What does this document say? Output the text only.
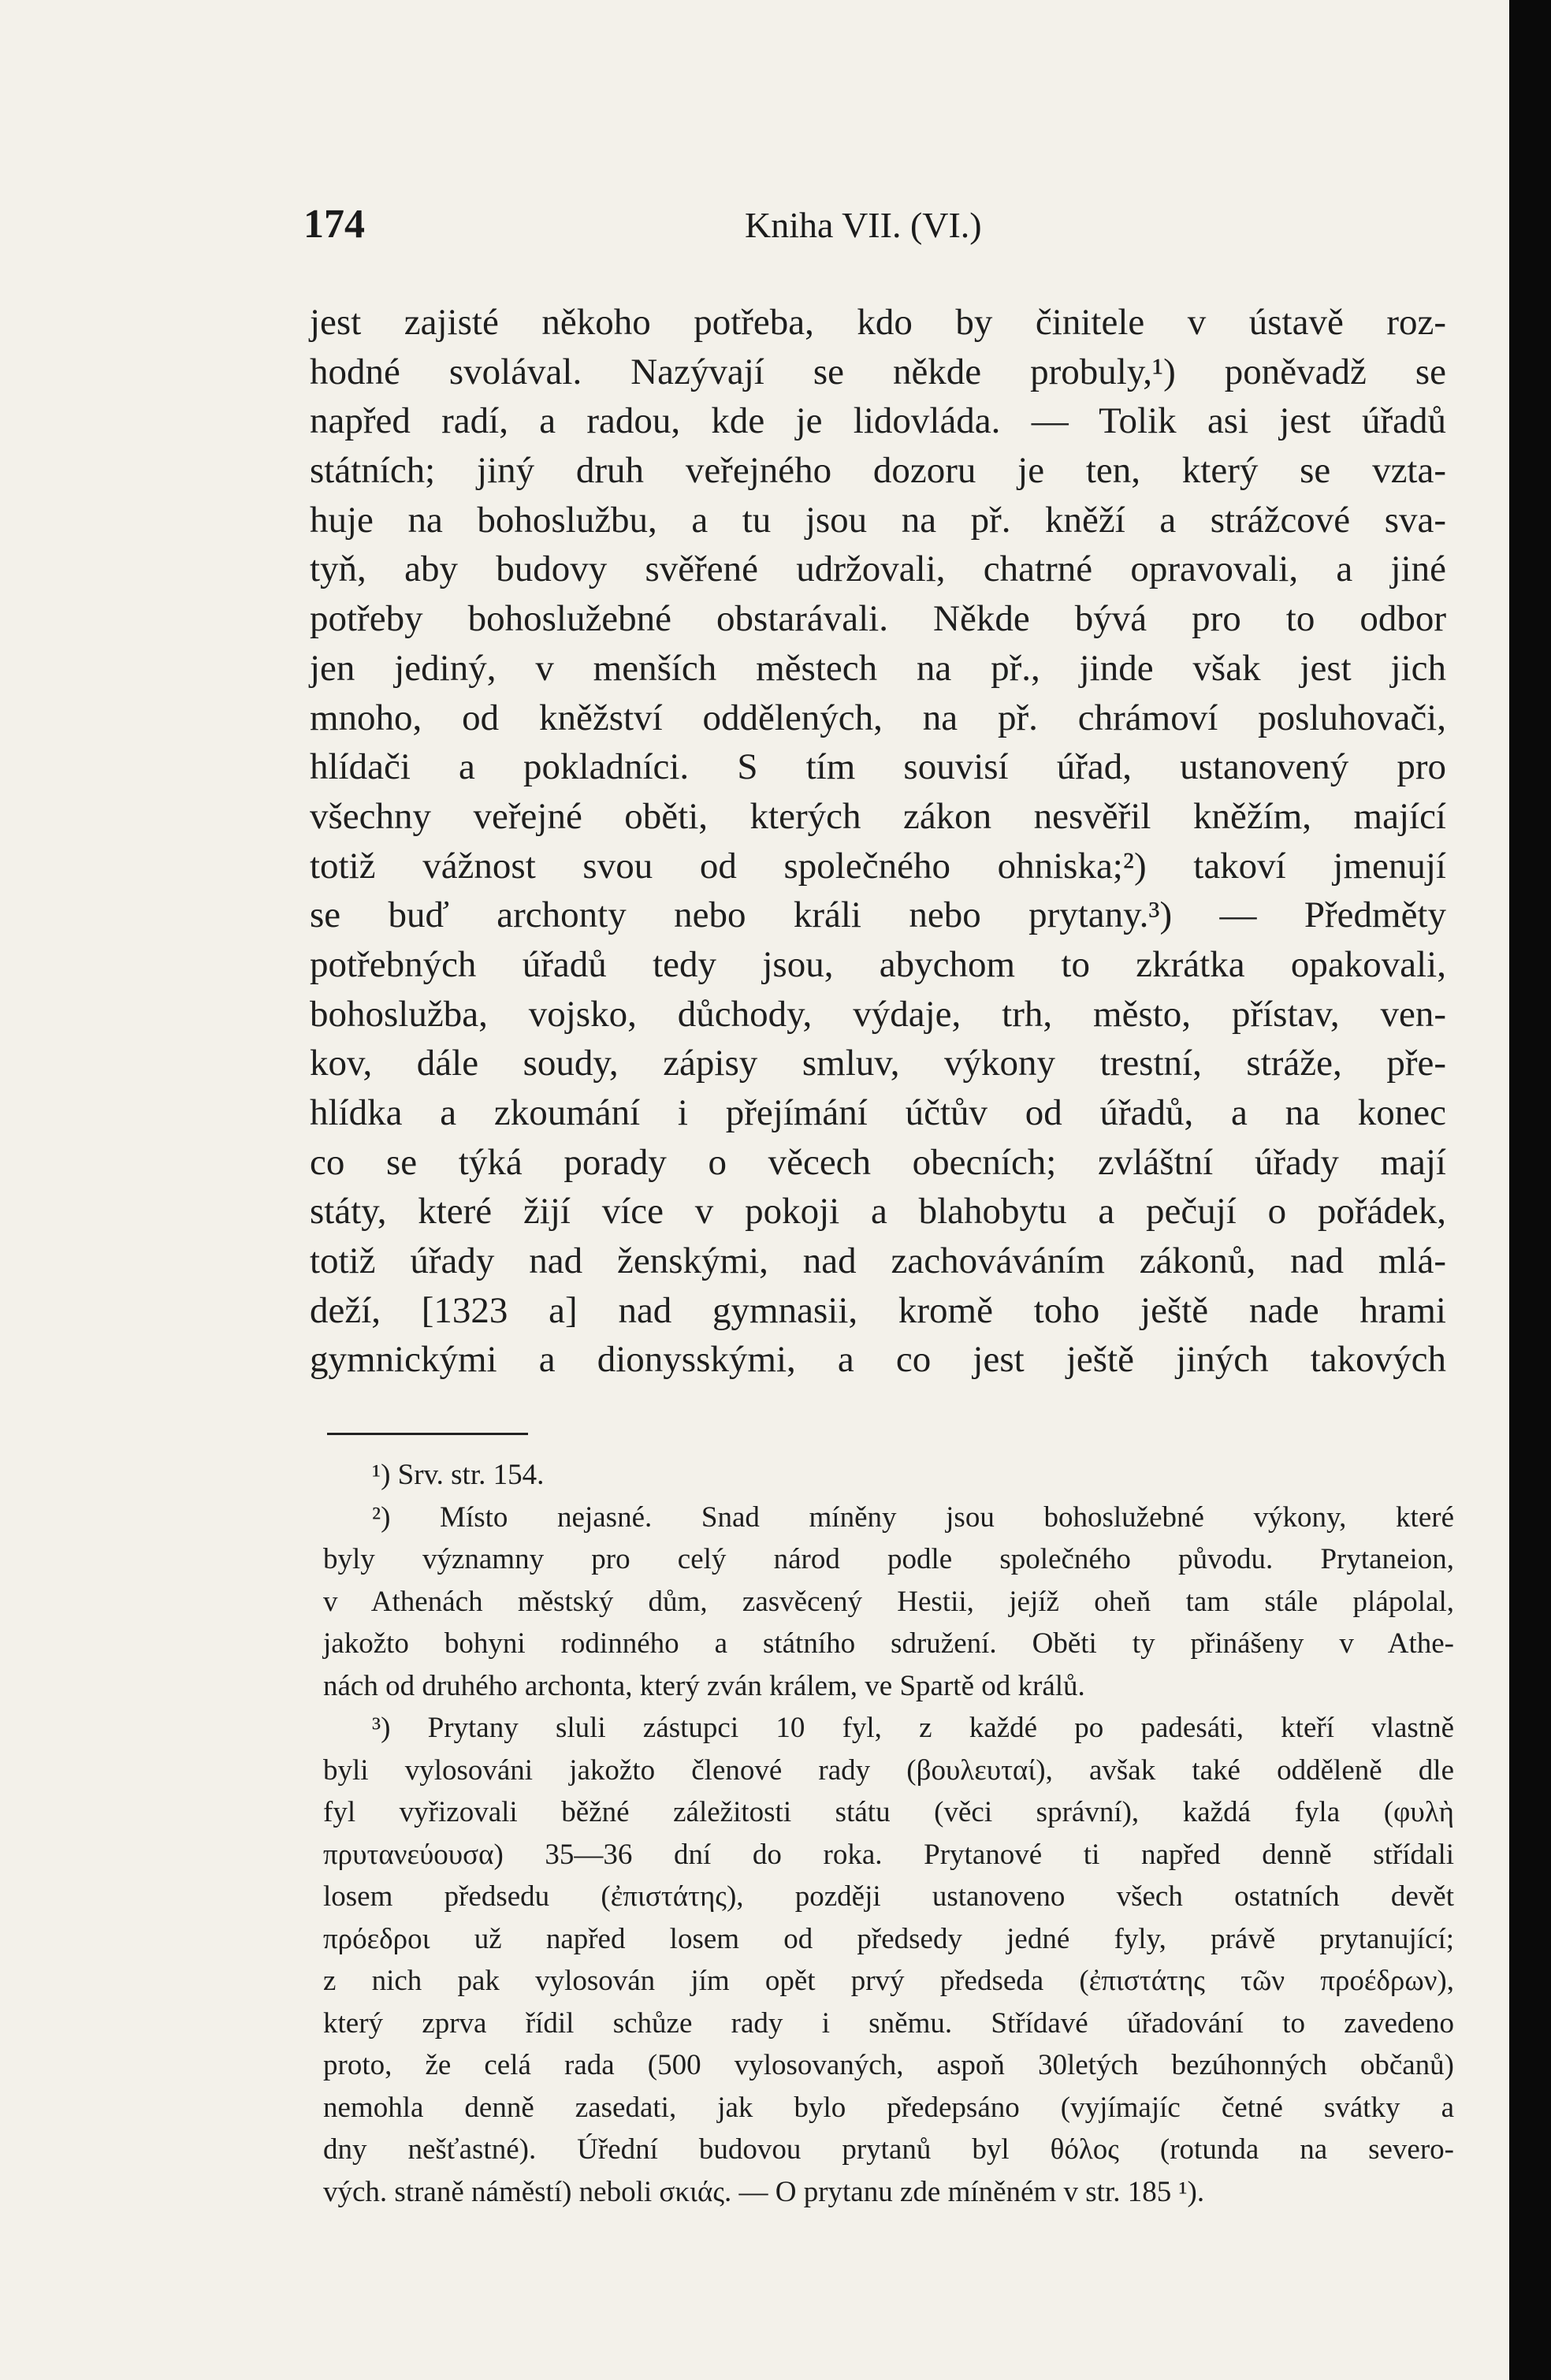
174	Kniha VII. (VI.)
jest zajisté někoho potřeba, kdo by činitele v ústavě roz-
hodné svolával. Nazývají se někde probuly,¹) poněvadž se
napřed radí, a radou, kde je lidovláda. — Tolik asi jest úřadů
státních; jiný druh veřejného dozoru je ten, který se vzta-
huje na bohoslužbu, a tu jsou na př. kněží a strážcové sva-
tyň, aby budovy svěřené udržovali, chatrné opravovali, a jiné
potřeby bohoslužebné obstarávali. Někde bývá pro to odbor
jen jediný, v menších městech na př., jinde však jest jich
mnoho, od kněžství oddělených, na př. chrámoví posluhovači,
hlídači a pokladníci. S tím souvisí úřad, ustanovený pro
všechny veřejné oběti, kterých zákon nesvěřil kněžím, mající
totiž vážnost svou od společného ohniska;²) takoví jmenují
se buď archonty nebo králi nebo prytany.³) — Předměty
potřebných úřadů tedy jsou, abychom to zkrátka opakovali,
bohoslužba, vojsko, důchody, výdaje, trh, město, přístav, ven-
kov, dále soudy, zápisy smluv, výkony trestní, stráže, pře-
hlídka a zkoumání i přejímání účtův od úřadů, a na konec
co se týká porady o věcech obecních; zvláštní úřady mají
státy, které žijí více v pokoji a blahobytu a pečují o pořádek,
totiž úřady nad ženskými, nad zachováváním zákonů, nad mlá-
deží, [1323 a] nad gymnasii, kromě toho ještě nade hrami
gymnickými a dionysskými, a co jest ještě jiných takových
¹) Srv. str. 154.
²) Místo nejasné. Snad míněny jsou bohoslužebné výkony, které
byly významny pro celý národ podle společného původu. Prytaneion,
v Athenách městský dům, zasvěcený Hestii, jejíž oheň tam stále plápolal,
jakožto bohyni rodinného a státního sdružení. Oběti ty přinášeny v Athe-
nách od druhého archonta, který zván králem, ve Spartě od králů.
³) Prytany sluli zástupci 10 fyl, z každé po padesáti, kteří vlastně
byli vylosováni jakožto členové rady (βουλευταί), avšak také odděleně dle
fyl vyřizovali běžné záležitosti státu (věci správní), každá fyla (φυλὴ
πρυτανεύουσα) 35—36 dní do roka. Prytanové ti napřed denně střídali
losem předsedu (ἐπιστάτης), později ustanoveno všech ostatních devět
πρόεδροι už napřed losem od předsedy jedné fyly, právě prytanující;
z nich pak vylosován jím opět prvý předseda (ἐπιστάτης τῶν προέδρων),
který zprva řídil schůze rady i sněmu. Střídavé úřadování to zavedeno
proto, že celá rada (500 vylosovaných, aspoň 30letých bezúhonných občanů)
nemohla denně zasedati, jak bylo předepsáno (vyjímajíc četné svátky a
dny nešťastné). Úřední budovou prytanů byl θόλος (rotunda na severo-
vých. straně náměstí) neboli σκιάς. — O prytanu zde míněném v str. 185 ¹).
